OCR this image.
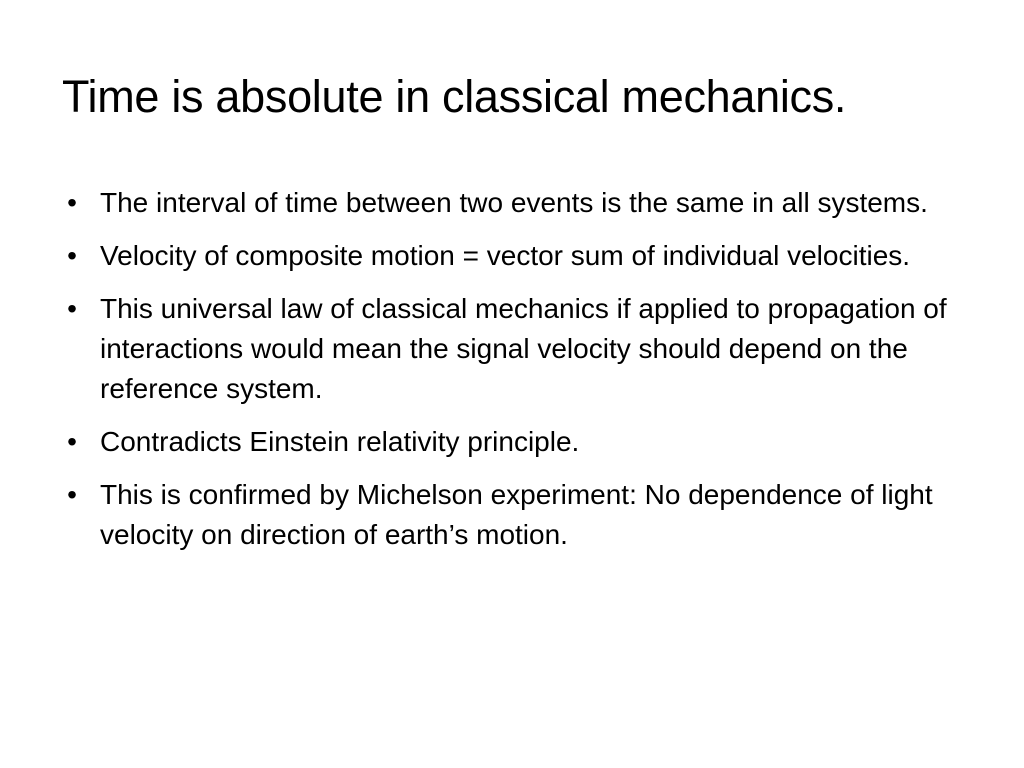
Time is absolute in classical mechanics.
• The interval of time between two events is the same in all systems.
• Velocity of composite motion = vector sum of individual velocities.
• This universal law of classical mechanics if applied to propagation of interactions would mean the signal velocity should depend on the reference system.
• Contradicts Einstein relativity principle.
• This is confirmed by Michelson experiment: No dependence of light velocity on direction of earth’s motion.
